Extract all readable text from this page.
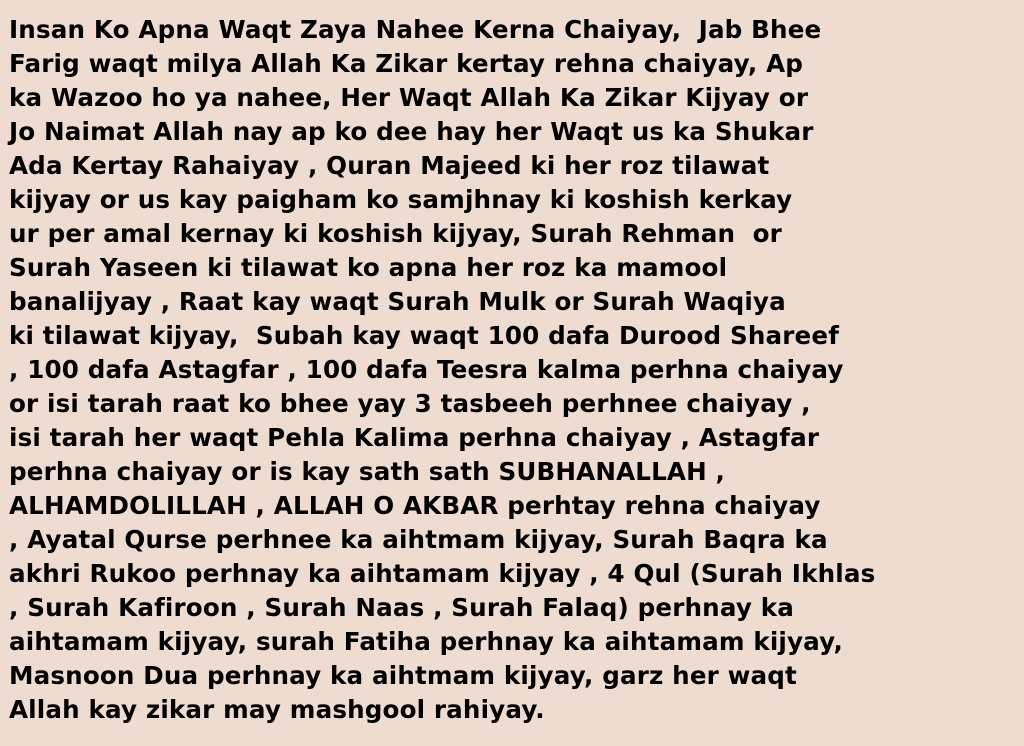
Insan Ko Apna Waqt Zaya Nahee Kerna Chaiyay,  Jab Bhee
Farig waqt milya Allah Ka Zikar kertay rehna chaiyay, Ap
ka Wazoo ho ya nahee, Her Waqt Allah Ka Zikar Kijyay or
Jo Naimat Allah nay ap ko dee hay her Waqt us ka Shukar
Ada Kertay Rahaiyay , Quran Majeed ki her roz tilawat
kijyay or us kay paigham ko samjhnay ki koshish kerkay
ur per amal kernay ki koshish kijyay, Surah Rehman  or
Surah Yaseen ki tilawat ko apna her roz ka mamool
banalijyay , Raat kay waqt Surah Mulk or Surah Waqiya
ki tilawat kijyay,  Subah kay waqt 100 dafa Durood Shareef
, 100 dafa Astagfar , 100 dafa Teesra kalma perhna chaiyay
or isi tarah raat ko bhee yay 3 tasbeeh perhnee chaiyay ,
isi tarah her waqt Pehla Kalima perhna chaiyay , Astagfar
perhna chaiyay or is kay sath sath SUBHANALLAH ,
ALHAMDOLILLAH , ALLAH O AKBAR perhtay rehna chaiyay
, Ayatal Qurse perhnee ka aihtmam kijyay, Surah Baqra ka
akhri Rukoo perhnay ka aihtamam kijyay , 4 Qul (Surah Ikhlas
, Surah Kafiroon , Surah Naas , Surah Falaq) perhnay ka
aihtamam kijyay, surah Fatiha perhnay ka aihtamam kijyay,
Masnoon Dua perhnay ka aihtmam kijyay, garz her waqt
Allah kay zikar may mashgool rahiyay.
